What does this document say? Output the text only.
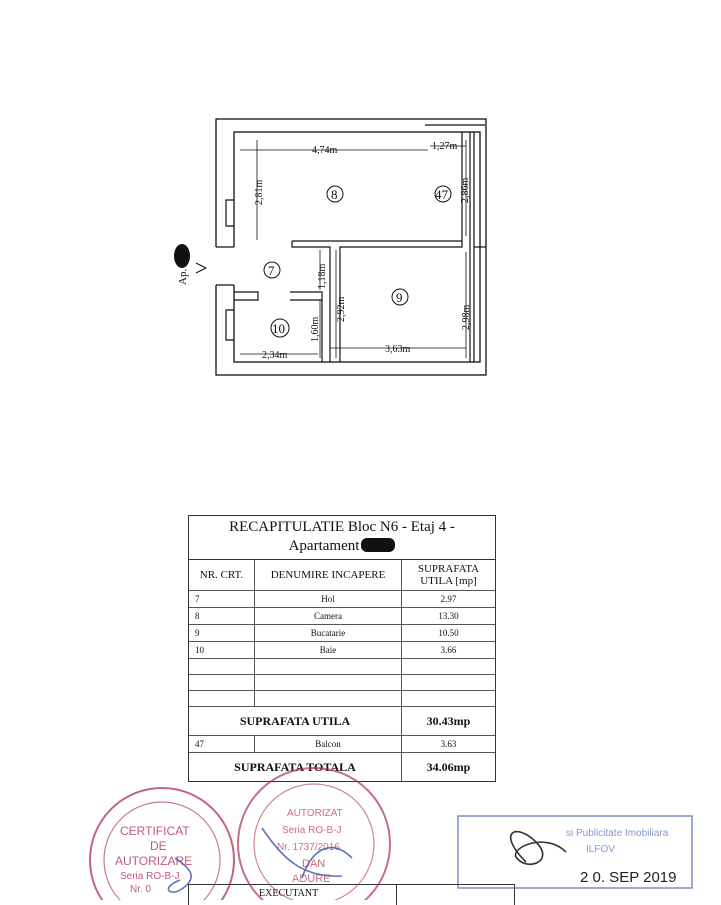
Ap.
4,74m	1,27m
2,81m	2,86m
1,18m
1,60m
2,92m	2,98m
2,34m
3,63m
8	47
7
9
10
RECAPITULATIE Bloc N6 - Etaj 4 -
Apartament
NR. CRT.	DENUMIRE INCAPERE	SUPRAFATA
UTILA [mp]

7	Hol	2.97
8	Camera	13.30
9	Bucatarie	10.50
10	Baie	3.66

SUPRAFATA UTILA		30.43mp
47	Balcon	3.63
SUPRAFATA TOTALA		34.06mp
EXECUTANT
CERTIFICAT
DE
AUTORIZARE
Seria RO-B-J
Nr. 0
AUTORIZAT
Seria RO-B-J
Nr. 1737/2016
DAN
ADURE
si Publicitate Imobiliara
ILFOV
2 0. SEP 2019
